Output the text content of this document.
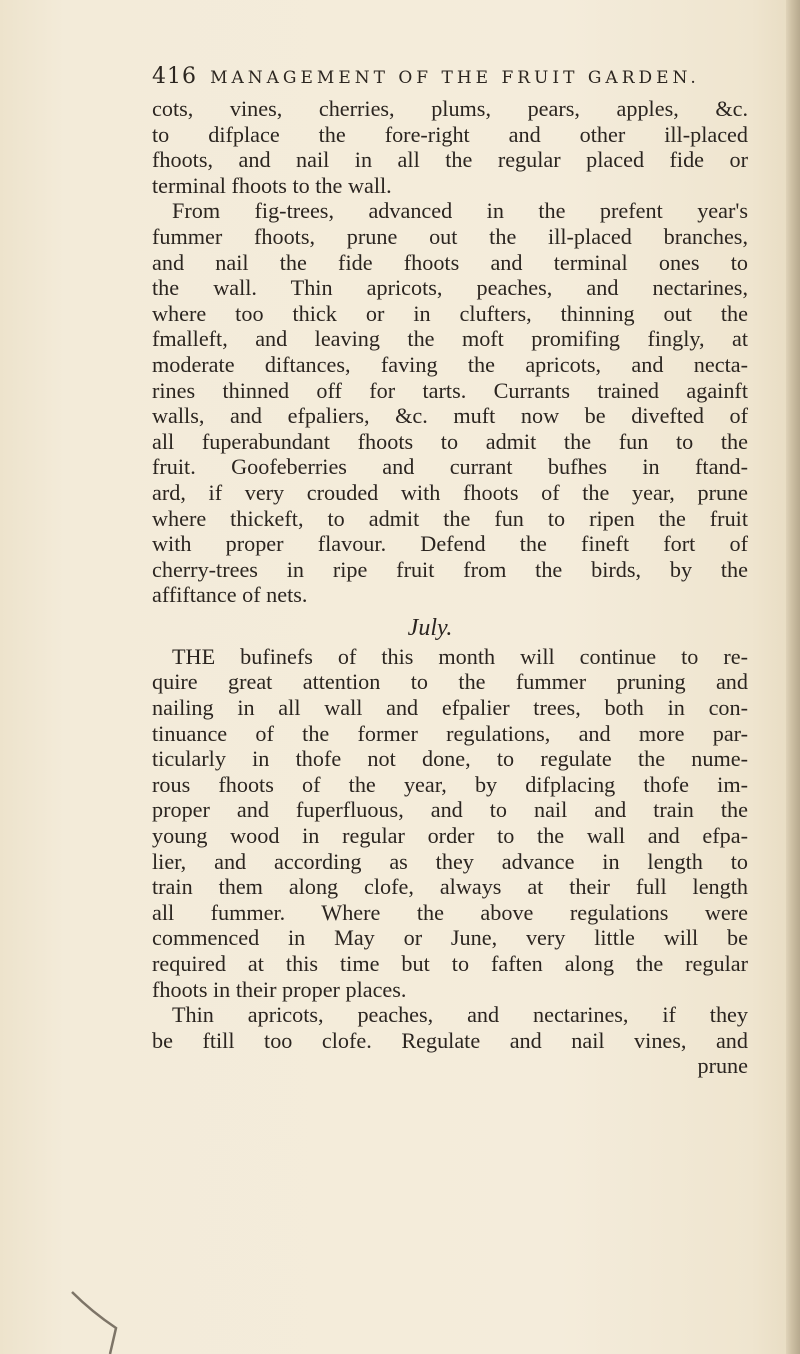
416 MANAGEMENT OF THE FRUIT GARDEN.
cots, vines, cherries, plums, pears, apples, &c.
to difplace the fore-right and other ill-placed
fhoots, and nail in all the regular placed fide or
terminal fhoots to the wall.
From fig-trees, advanced in the prefent year's
fummer fhoots, prune out the ill-placed branches,
and nail the fide fhoots and terminal ones to
the wall. Thin apricots, peaches, and nectarines,
where too thick or in clufters, thinning out the
fmalleft, and leaving the moft promifing fingly, at
moderate diftances, faving the apricots, and necta-
rines thinned off for tarts. Currants trained againft
walls, and efpaliers, &c. muft now be divefted of
all fuperabundant fhoots to admit the fun to the
fruit. Goofeberries and currant bufhes in ftand-
ard, if very crouded with fhoots of the year, prune
where thickeft, to admit the fun to ripen the fruit
with proper flavour. Defend the fineft fort of
cherry-trees in ripe fruit from the birds, by the
affiftance of nets.
July.
THE bufinefs of this month will continue to re-
quire great attention to the fummer pruning and
nailing in all wall and efpalier trees, both in con-
tinuance of the former regulations, and more par-
ticularly in thofe not done, to regulate the nume-
rous fhoots of the year, by difplacing thofe im-
proper and fuperfluous, and to nail and train the
young wood in regular order to the wall and efpa-
lier, and according as they advance in length to
train them along clofe, always at their full length
all fummer. Where the above regulations were
commenced in May or June, very little will be
required at this time but to faften along the regular
fhoots in their proper places.
Thin apricots, peaches, and nectarines, if they
be ftill too clofe. Regulate and nail vines, and
prune
